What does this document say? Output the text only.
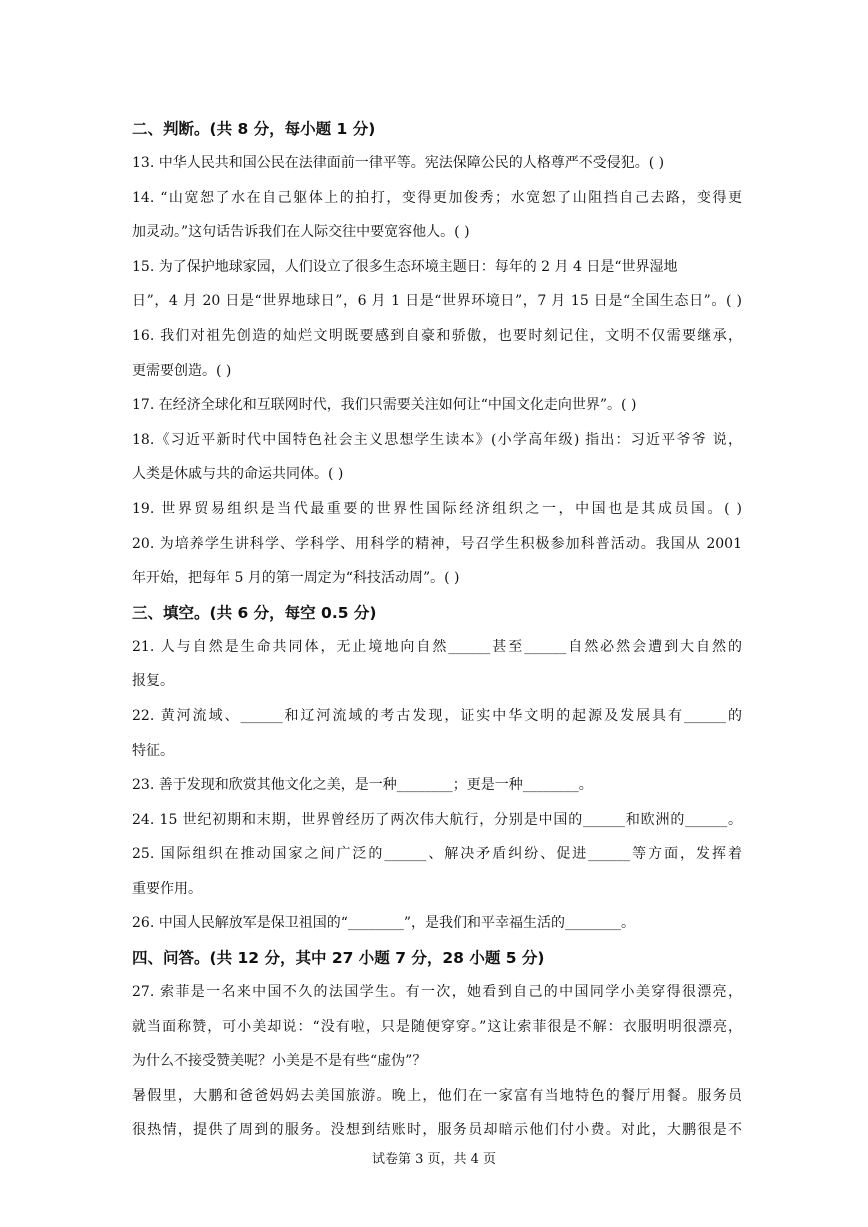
二、判断。(共 8 分，每小题 1 分)
13. 中华人民共和国公民在法律面前一律平等。宪法保障公民的人格尊严不受侵犯。( )
14. “山宽恕了水在自己躯体上的拍打，变得更加俊秀；水宽恕了山阻挡自己去路，变得更
加灵动。”这句话告诉我们在人际交往中要宽容他人。( )
15. 为了保护地球家园，人们设立了很多生态环境主题日：每年的 2 月 4 日是“世界湿地
日”，4 月 20 日是“世界地球日”，6 月 1 日是“世界环境日”，7 月 15 日是“全国生态日”。( )
16. 我们对祖先创造的灿烂文明既要感到自豪和骄傲，也要时刻记住，文明不仅需要继承，
更需要创造。( )
17. 在经济全球化和互联网时代，我们只需要关注如何让“中国文化走向世界”。( )
18.《习近平新时代中国特色社会主义思想学生读本》(小学高年级) 指出：习近平爷爷 说，
人类是休戚与共的命运共同体。( )
19. 世界贸易组织是当代最重要的世界性国际经济组织之一，中国也是其成员国。( )
20. 为培养学生讲科学、学科学、用科学的精神，号召学生积极参加科普活动。我国从 2001
年开始，把每年 5 月的第一周定为“科技活动周”。( )
三、填空。(共 6 分，每空 0.5 分)
21. 人与自然是生命共同体，无止境地向自然______甚至______自然必然会遭到大自然的
报复。
22. 黄河流域、______和辽河流域的考古发现，证实中华文明的起源及发展具有______的
特征。
23. 善于发现和欣赏其他文化之美，是一种________；更是一种________。
24. 15 世纪初期和末期，世界曾经历了两次伟大航行，分别是中国的______和欧洲的______。
25. 国际组织在推动国家之间广泛的______、解决矛盾纠纷、促进______等方面，发挥着
重要作用。
26. 中国人民解放军是保卫祖国的“________”，是我们和平幸福生活的________。
四、问答。(共 12 分，其中 27 小题 7 分，28 小题 5 分)
27. 索菲是一名来中国不久的法国学生。有一次，她看到自己的中国同学小美穿得很漂亮，
就当面称赞，可小美却说：“没有啦，只是随便穿穿。”这让索菲很是不解：衣服明明很漂亮，
为什么不接受赞美呢？小美是不是有些“虚伪”？
暑假里，大鹏和爸爸妈妈去美国旅游。晚上，他们在一家富有当地特色的餐厅用餐。服务员
很热情，提供了周到的服务。没想到结账时，服务员却暗示他们付小费。对此，大鹏很是不
试卷第 3 页，共 4 页
